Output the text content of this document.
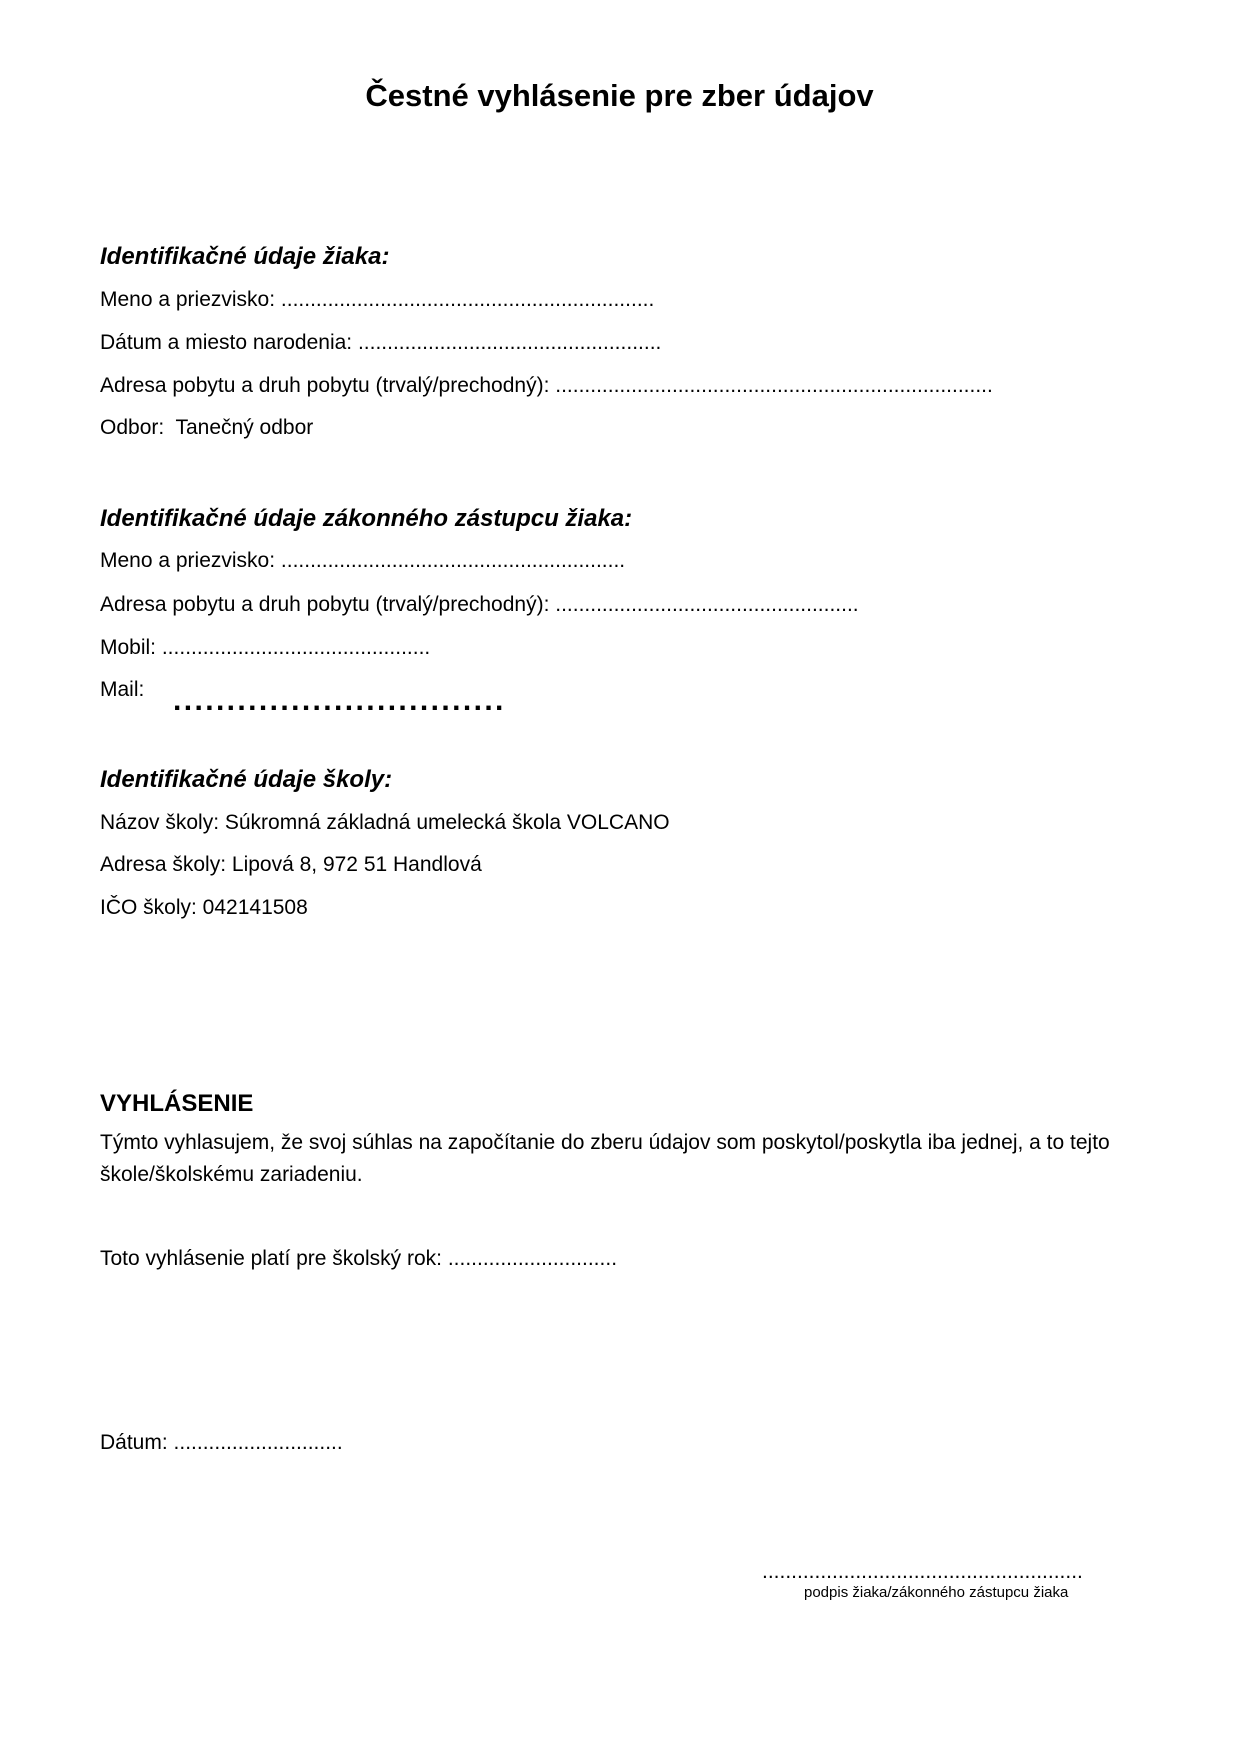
Čestné vyhlásenie pre zber údajov
Identifikačné údaje žiaka:

Meno a priezvisko: ................................................................

Dátum a miesto narodenia: ....................................................

Adresa pobytu a druh pobytu (trvalý/prechodný): ...........................................................................

Odbor: Tanečný odbor

Identifikačné údaje zákonného zástupcu žiaka:

Meno a priezvisko: ...........................................................

Adresa pobytu a druh pobytu (trvalý/prechodný): ....................................................

Mobil: ..............................................

Mail: ...............................
Identifikačné údaje školy:

Názov školy: Súkromná základná umelecká škola VOLCANO

Adresa školy: Lipová 8, 972 51 Handlová

IČO školy: 042141508

VYHLÁSENIE

Týmto vyhlasujem, že svoj súhlas na započítanie do zberu údajov som poskytol/poskytla iba jednej, a to tejto škole/školskému zariadeniu.

Toto vyhlásenie platí pre školský rok: .............................

Dátum: .............................

.......................................................
podpis žiaka/zákonného zástupcu žiaka
